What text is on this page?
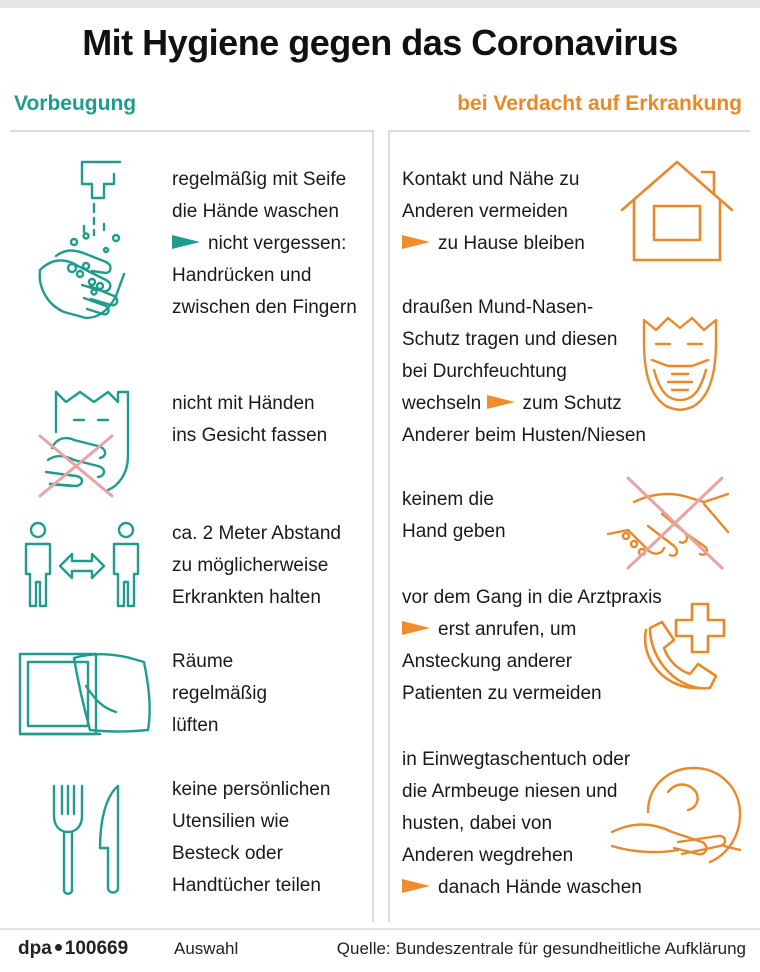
Mit Hygiene gegen das Coronavirus
Vorbeugung	bei Verdacht auf Erkrankung
regelmäßig mit Seife
die Hände waschen
nicht vergessen:
Handrücken und
zwischen den Fingern
nicht mit Händen
ins Gesicht fassen
ca. 2 Meter Abstand
zu möglicherweise
Erkrankten halten
Räume
regelmäßig
lüften
keine persönlichen
Utensilien wie
Besteck oder
Handtücher teilen
Kontakt und Nähe zu
Anderen vermeiden
zu Hause bleiben
draußen Mund-Nasen-
Schutz tragen und diesen
bei Durchfeuchtung
wechseln zum Schutz
Anderer beim Husten/Niesen
keinem die
Hand geben
vor dem Gang in die Arztpraxis
erst anrufen, um
Ansteckung anderer
Patienten zu vermeiden
in Einwegtaschentuch oder
die Armbeuge niesen und
husten, dabei von
Anderen wegdrehen
danach Hände waschen
dpa 100669	Auswahl	Quelle: Bundeszentrale für gesundheitliche Aufklärung
